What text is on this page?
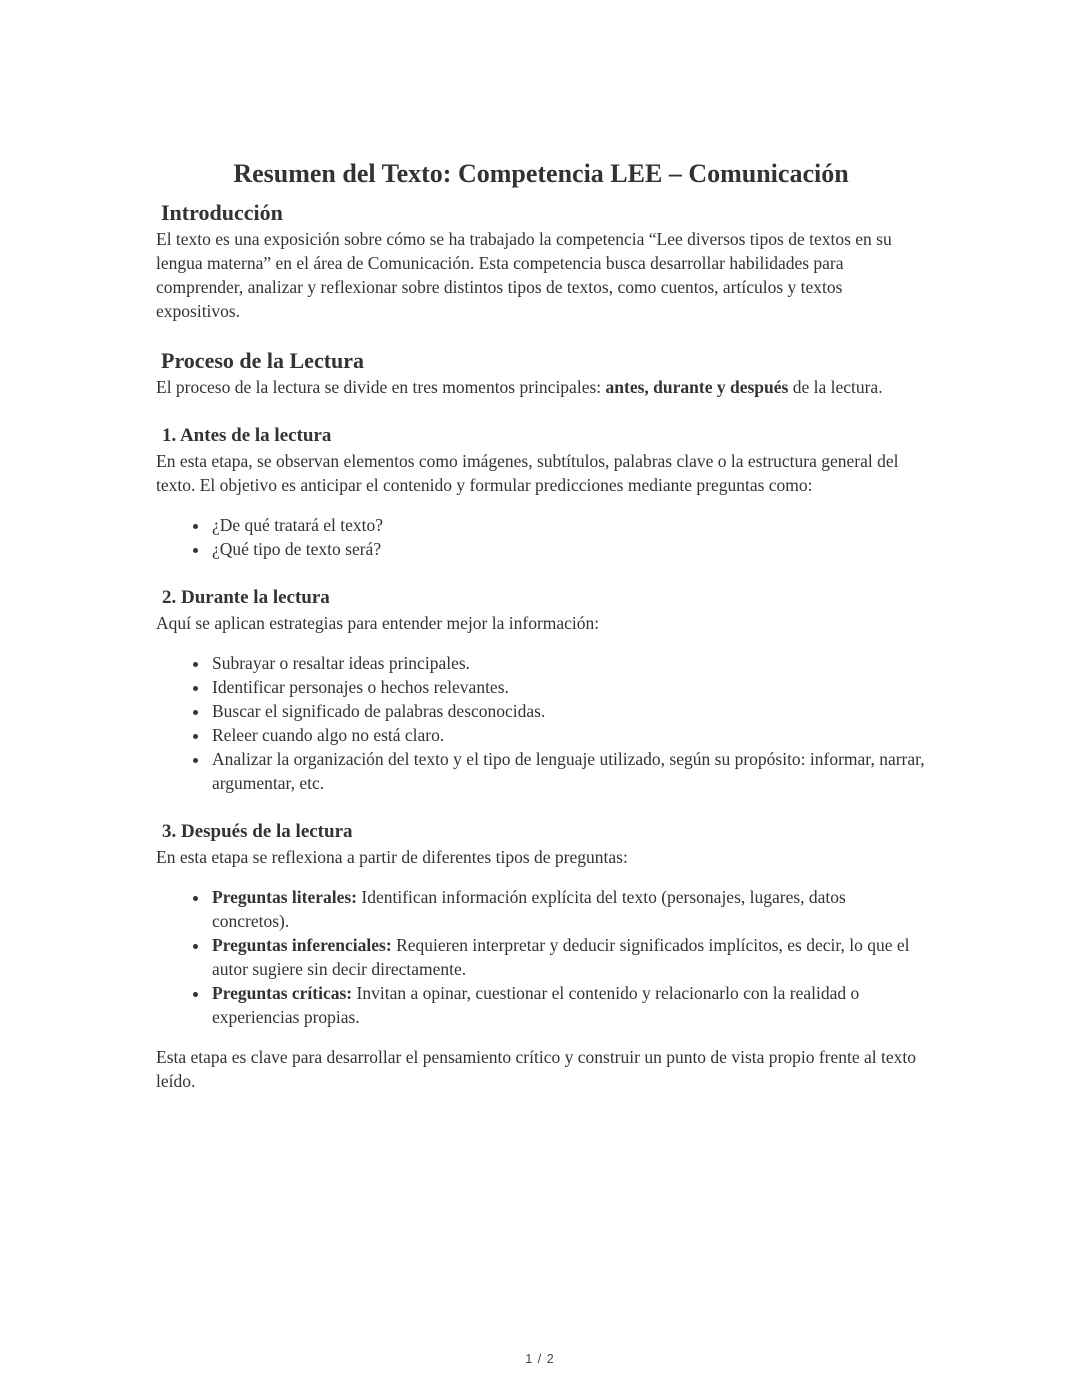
Resumen del Texto: Competencia LEE – Comunicación
Introducción

El texto es una exposición sobre cómo se ha trabajado la competencia “Lee diversos tipos de textos en su lengua materna” en el área de Comunicación. Esta competencia busca desarrollar habilidades para comprender, analizar y reflexionar sobre distintos tipos de textos, como cuentos, artículos y textos expositivos.

Proceso de la Lectura

El proceso de la lectura se divide en tres momentos principales: antes, durante y después de la lectura.

1. Antes de la lectura

En esta etapa, se observan elementos como imágenes, subtítulos, palabras clave o la estructura general del texto. El objetivo es anticipar el contenido y formular predicciones mediante preguntas como:

• ¿De qué tratará el texto?
• ¿Qué tipo de texto será?
2. Durante la lectura

Aquí se aplican estrategias para entender mejor la información:

• Subrayar o resaltar ideas principales.
• Identificar personajes o hechos relevantes.
• Buscar el significado de palabras desconocidas.
• Releer cuando algo no está claro.
• Analizar la organización del texto y el tipo de lenguaje utilizado, según su propósito: informar, narrar, argumentar, etc.
3. Después de la lectura

En esta etapa se reflexiona a partir de diferentes tipos de preguntas:

• Preguntas literales: Identifican información explícita del texto (personajes, lugares, datos concretos).
• Preguntas inferenciales: Requieren interpretar y deducir significados implícitos, es decir, lo que el autor sugiere sin decir directamente.
• Preguntas críticas: Invitan a opinar, cuestionar el contenido y relacionarlo con la realidad o experiencias propias.

Esta etapa es clave para desarrollar el pensamiento crítico y construir un punto de vista propio frente al texto leído.

1 / 2
